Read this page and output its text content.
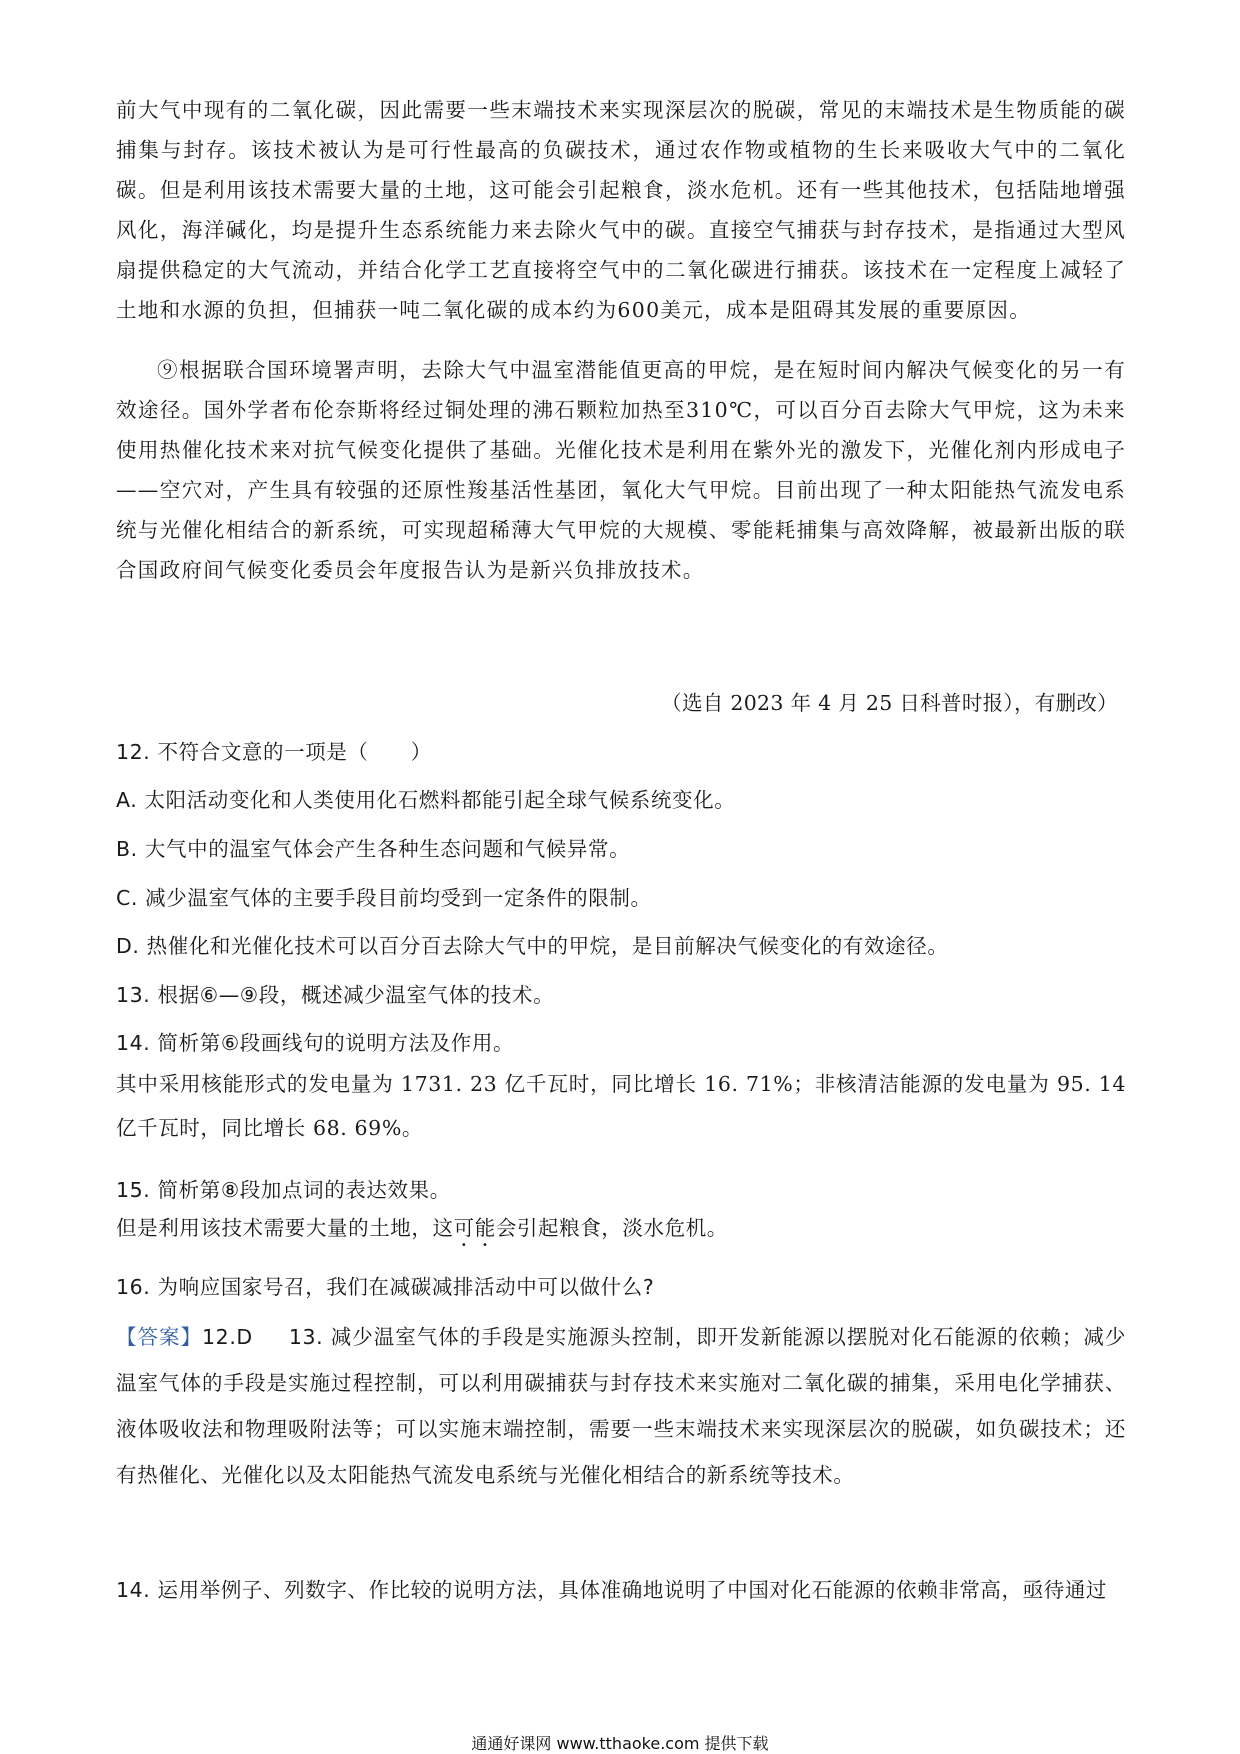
前大气中现有的二氧化碳，因此需要一些末端技术来实现深层次的脱碳，常见的末端技术是生物质能的碳捕集与封存。该技术被认为是可行性最高的负碳技术，通过农作物或植物的生长来吸收大气中的二氧化碳。但是利用该技术需要大量的土地，这可能会引起粮食，淡水危机。还有一些其他技术，包括陆地增强风化，海洋碱化，均是提升生态系统能力来去除火气中的碳。直接空气捕获与封存技术，是指通过大型风扇提供稳定的大气流动，并结合化学工艺直接将空气中的二氧化碳进行捕获。该技术在一定程度上减轻了土地和水源的负担，但捕获一吨二氧化碳的成本约为600美元，成本是阻碍其发展的重要原因。
⑨根据联合国环境署声明，去除大气中温室潜能值更高的甲烷，是在短时间内解决气候变化的另一有效途径。国外学者布伦奈斯将经过铜处理的沸石颗粒加热至310℃，可以百分百去除大气甲烷，这为未来使用热催化技术来对抗气候变化提供了基础。光催化技术是利用在紫外光的激发下，光催化剂内形成电子——空穴对，产生具有较强的还原性羧基活性基团，氧化大气甲烷。目前出现了一种太阳能热气流发电系统与光催化相结合的新系统，可实现超稀薄大气甲烷的大规模、零能耗捕集与高效降解，被最新出版的联合国政府间气候变化委员会年度报告认为是新兴负排放技术。
（选自 2023 年 4 月 25 日科普时报），有删改）
12. 不符合文意的一项是（　　）
A. 太阳活动变化和人类使用化石燃料都能引起全球气候系统变化。
B. 大气中的温室气体会产生各种生态问题和气候异常。
C. 减少温室气体的主要手段目前均受到一定条件的限制。
D. 热催化和光催化技术可以百分百去除大气中的甲烷，是目前解决气候变化的有效途径。
13. 根据⑥—⑨段，概述减少温室气体的技术。
14. 简析第⑥段画线句的说明方法及作用。
其中采用核能形式的发电量为 1731. 23 亿千瓦时，同比增长 16. 71%；非核清洁能源的发电量为 95. 14 亿千瓦时，同比增长 68. 69%。
15. 简析第⑧段加点词的表达效果。
但是利用该技术需要大量的土地，这可能会引起粮食，淡水危机。
16. 为响应国家号召，我们在减碳减排活动中可以做什么?
【答案】12.D 13. 减少温室气体的手段是实施源头控制，即开发新能源以摆脱对化石能源的依赖；减少温室气体的手段是实施过程控制，可以利用碳捕获与封存技术来实施对二氧化碳的捕集，采用电化学捕获、液体吸收法和物理吸附法等；可以实施末端控制，需要一些末端技术来实现深层次的脱碳，如负碳技术；还有热催化、光催化以及太阳能热气流发电系统与光催化相结合的新系统等技术。
14. 运用举例子、列数字、作比较的说明方法，具体准确地说明了中国对化石能源的依赖非常高，亟待通过
通通好课网 www.tthaoke.com 提供下载
